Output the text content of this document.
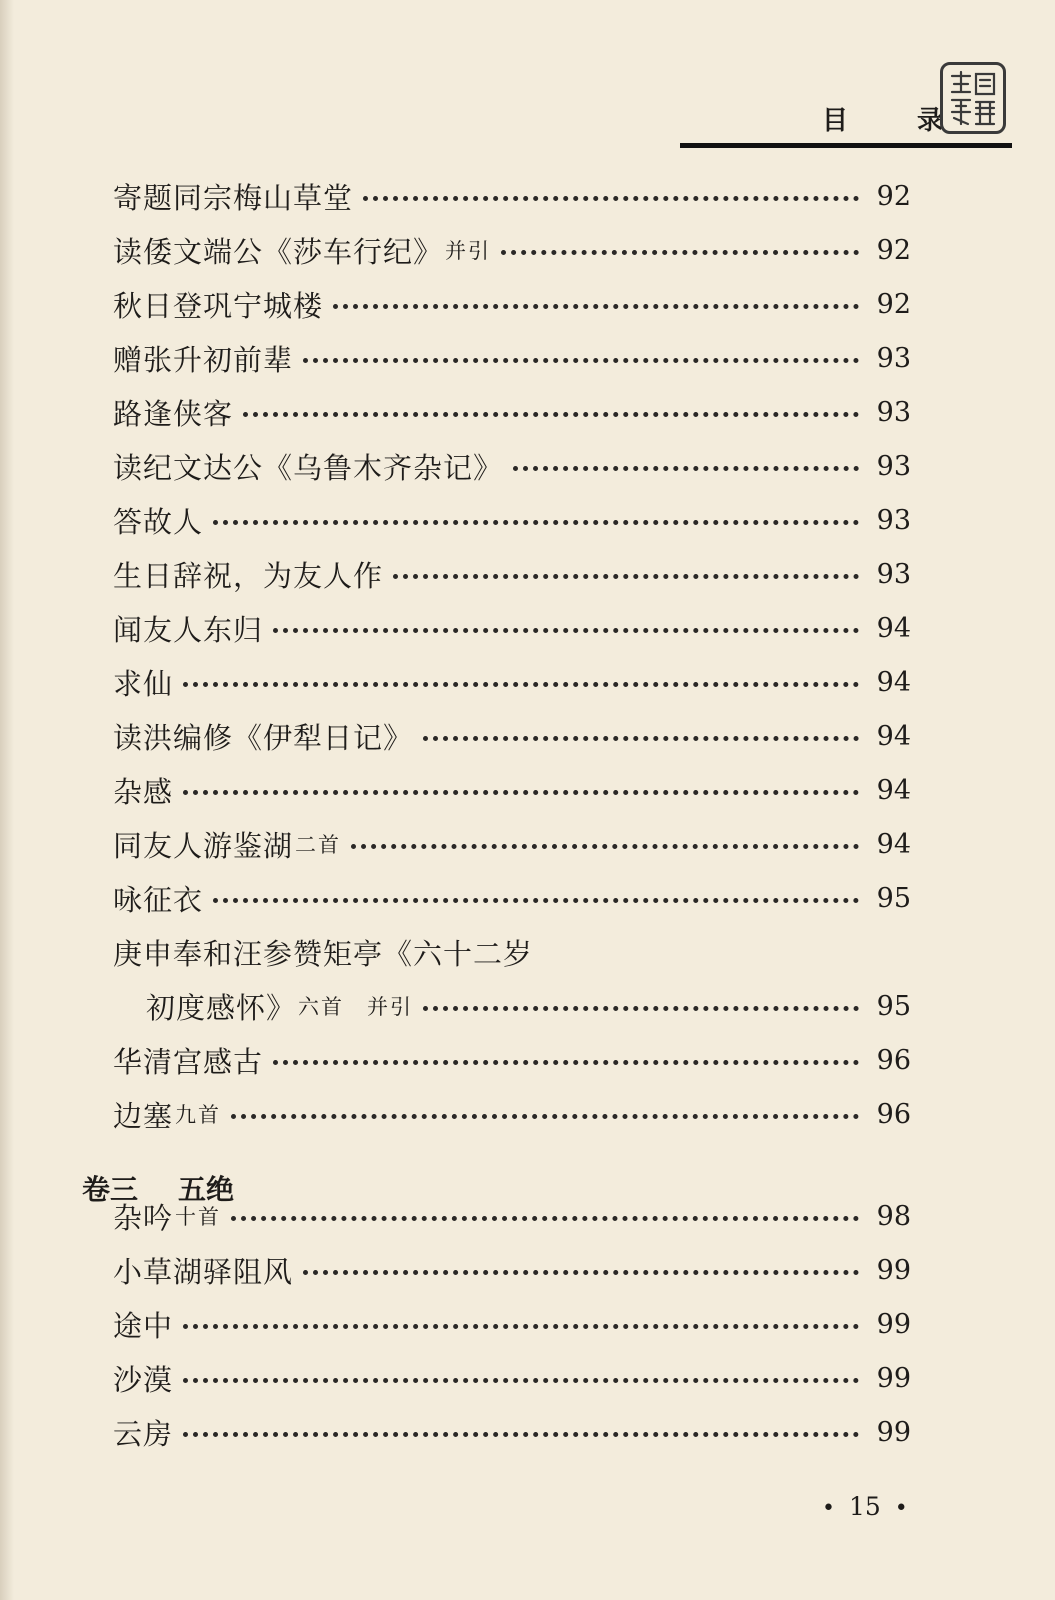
目 录
寄题同宗梅山草堂	92
读倭文端公《莎车行纪》 并引	92
秋日登巩宁城楼	92
赠张升初前辈	93
路逢侠客	93
读纪文达公《乌鲁木齐杂记》	93
答故人	93
生日辞祝，为友人作	93
闻友人东归	94
求仙	94
读洪编修《伊犁日记》	94
杂感	94
同友人游鉴湖 二首	94
咏征衣	95
庚申奉和汪参赞矩亭《六十二岁
初度感怀》 六首　并引	95
华清宫感古	96
边塞 九首	96
杂吟 十首	98
小草湖驿阻风	99
途中	99
沙漠	99
云房	99
卷三 五绝
• 15 •
